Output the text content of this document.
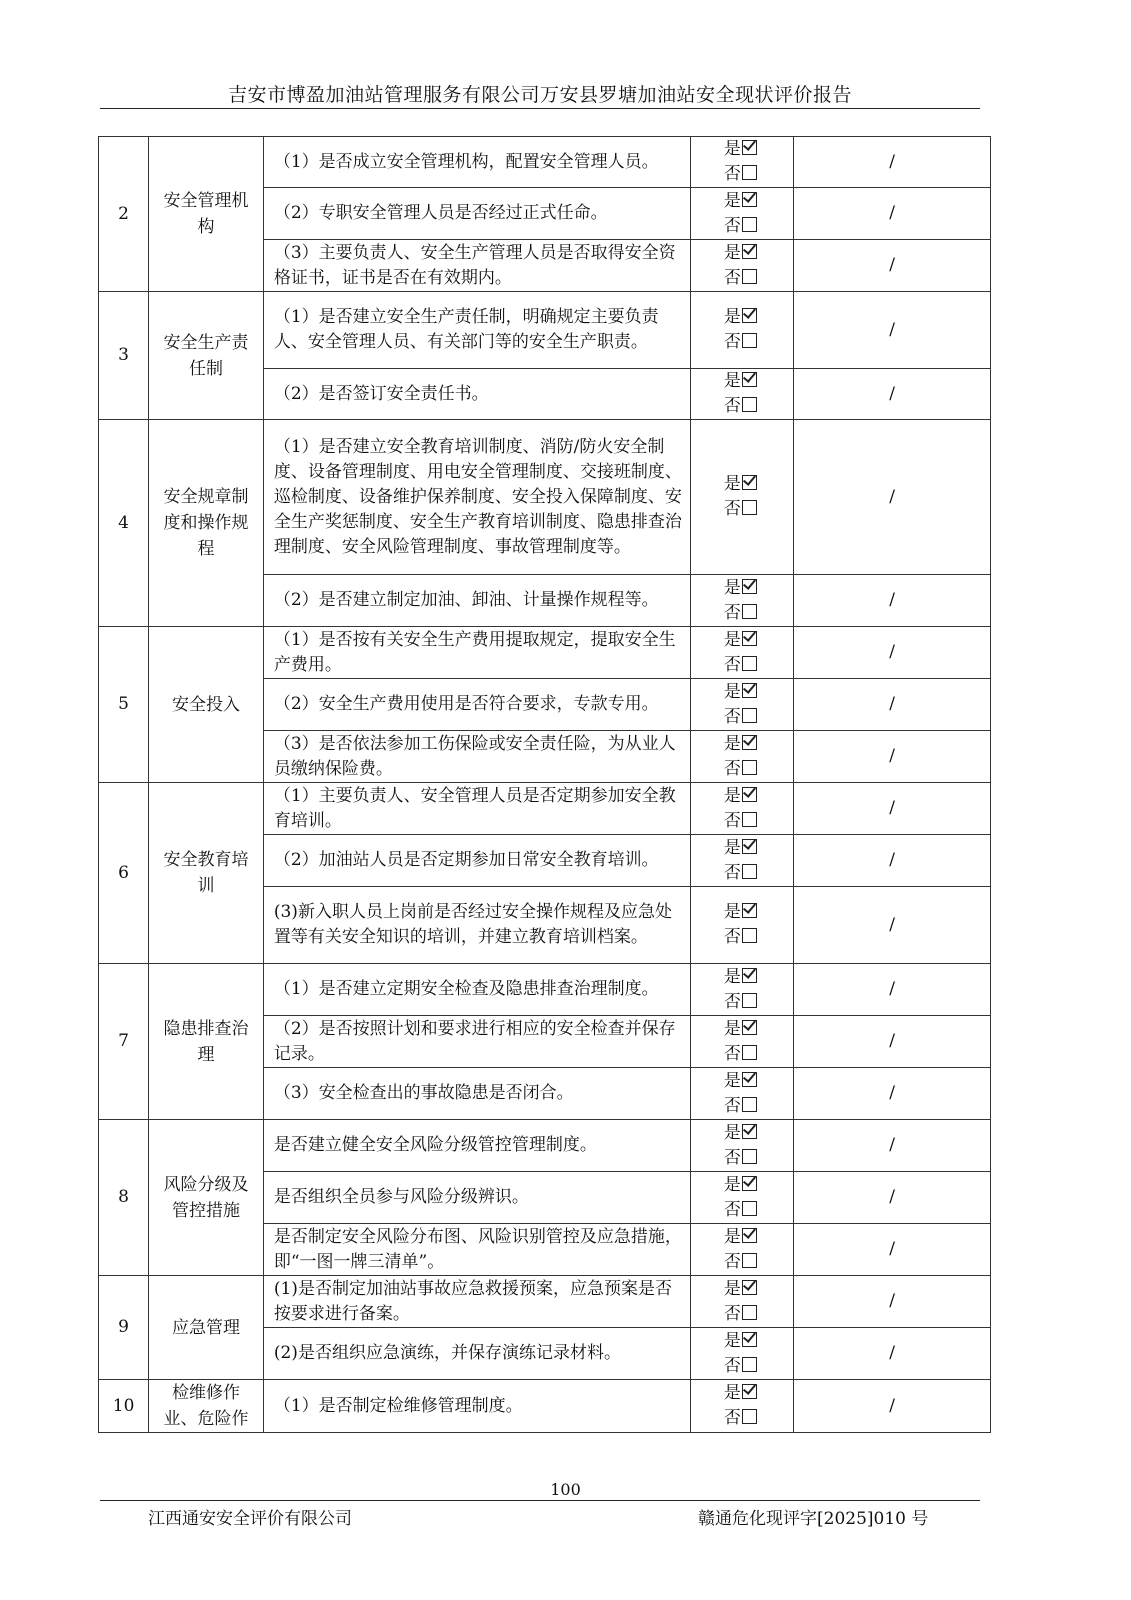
吉安市博盈加油站管理服务有限公司万安县罗塘加油站安全现状评价报告
2	安全管理机构	（1）是否成立安全管理机构，配置安全管理人员。	是
否	/
		（2）专职安全管理人员是否经过正式任命。	是
否	/
		（3）主要负责人、安全生产管理人员是否取得安全资格证书，证书是否在有效期内。	是
否	/
3	安全生产责任制	（1）是否建立安全生产责任制，明确规定主要负责人、安全管理人员、有关部门等的安全生产职责。	是
否	/
		（2）是否签订安全责任书。	是
否	/
4	安全规章制度和操作规程	（1）是否建立安全教育培训制度、消防/防火安全制度、设备管理制度、用电安全管理制度、交接班制度、巡检制度、设备维护保养制度、安全投入保障制度、安全生产奖惩制度、安全生产教育培训制度、隐患排查治理制度、安全风险管理制度、事故管理制度等。	是
否	/
		（2）是否建立制定加油、卸油、计量操作规程等。	是
否	/
5	安全投入	（1）是否按有关安全生产费用提取规定，提取安全生产费用。	是
否	/
		（2）安全生产费用使用是否符合要求，专款专用。	是
否	/
		（3）是否依法参加工伤保险或安全责任险，为从业人员缴纳保险费。	是
否	/
6	安全教育培训	（1）主要负责人、安全管理人员是否定期参加安全教育培训。	是
否	/
		（2）加油站人员是否定期参加日常安全教育培训。	是
否	/
		(3)新入职人员上岗前是否经过安全操作规程及应急处置等有关安全知识的培训，并建立教育培训档案。	是
否	/
7	隐患排查治理	（1）是否建立定期安全检查及隐患排查治理制度。	是
否	/
		（2）是否按照计划和要求进行相应的安全检查并保存记录。	是
否	/
		（3）安全检查出的事故隐患是否闭合。	是
否	/
8	风险分级及管控措施	是否建立健全安全风险分级管控管理制度。	是
否	/
		是否组织全员参与风险分级辨识。	是
否	/
		是否制定安全风险分布图、风险识别管控及应急措施，即“一图一牌三清单”。	是
否	/
9	应急管理	(1)是否制定加油站事故应急救援预案，应急预案是否按要求进行备案。	是
否	/
		(2)是否组织应急演练，并保存演练记录材料。	是
否	/
10	检维修作业、危险作	（1）是否制定检维修管理制度。	是
否	/
100
江西通安安全评价有限公司	赣通危化现评字[2025]010 号
